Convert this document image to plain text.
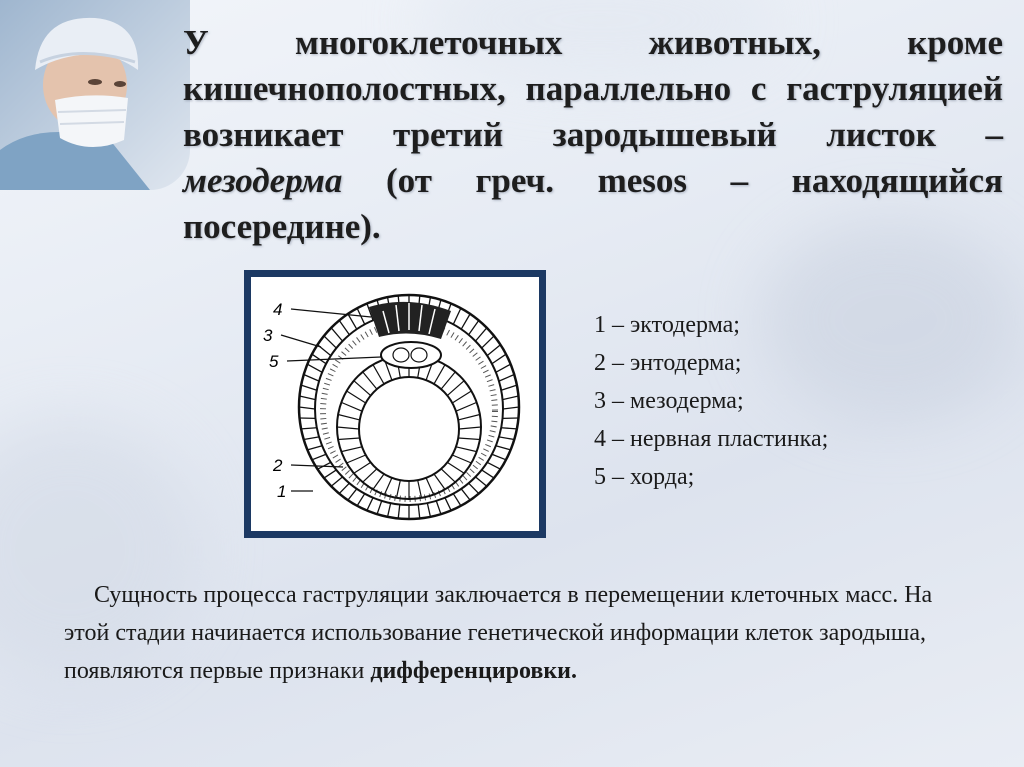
У многоклеточных животных, кроме кишечнополостных, параллельно с гаструляцией возникает третий зародышевый листок – мезодерма (от греч. mesos – находящийся посередине).
4
3
5
2
1
1 – эктодерма;
2 – энтодерма;
3 – мезодерма;
4 – нервная пластинка;
5 – хорда;
Сущность процесса гаструляции заключается в перемещении клеточных масс. На этой стадии начинается использование генетической информации клеток зародыша, появляются первые признаки дифференцировки.
